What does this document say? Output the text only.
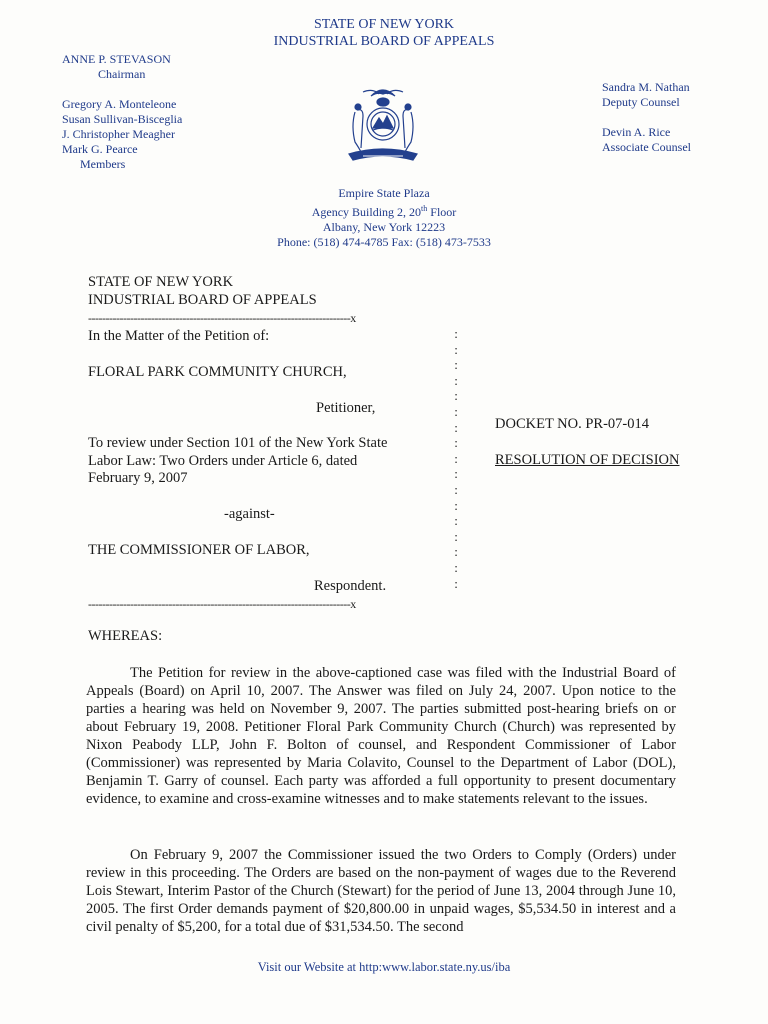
STATE OF NEW YORK
INDUSTRIAL BOARD OF APPEALS
ANNE P. STEVASON
Chairman
Gregory A. Monteleone
Susan Sullivan-Bisceglia
J. Christopher Meagher
Mark G. Pearce
Members
Sandra M. Nathan
Deputy Counsel
Devin A. Rice
Associate Counsel
Empire State Plaza
Agency Building 2, 20th Floor
Albany, New York 12223
Phone: (518) 474-4785 Fax: (518) 473-7533
STATE OF NEW YORK
INDUSTRIAL BOARD OF APPEALS
---------------------------------------------------------------------------x
In the Matter of the Petition of:
FLORAL PARK COMMUNITY CHURCH,
Petitioner,
To review under Section 101 of the New York State Labor Law: Two Orders under Article 6, dated February 9, 2007
-against-
THE COMMISSIONER OF LABOR,
Respondent.
:
:
:
:
:
:
:
:
:
:
:
:
:
:
:
:
:
---------------------------------------------------------------------------x
DOCKET NO. PR-07-014
RESOLUTION OF DECISION
WHEREAS:
The Petition for review in the above-captioned case was filed with the Industrial Board of Appeals (Board) on April 10, 2007. The Answer was filed on July 24, 2007. Upon notice to the parties a hearing was held on November 9, 2007. The parties submitted post-hearing briefs on or about February 19, 2008. Petitioner Floral Park Community Church (Church) was represented by Nixon Peabody LLP, John F. Bolton of counsel, and Respondent Commissioner of Labor (Commissioner) was represented by Maria Colavito, Counsel to the Department of Labor (DOL), Benjamin T. Garry of counsel. Each party was afforded a full opportunity to present documentary evidence, to examine and cross-examine witnesses and to make statements relevant to the issues.
On February 9, 2007 the Commissioner issued the two Orders to Comply (Orders) under review in this proceeding. The Orders are based on the non-payment of wages due to the Reverend Lois Stewart, Interim Pastor of the Church (Stewart) for the period of June 13, 2004 through June 10, 2005. The first Order demands payment of $20,800.00 in unpaid wages, $5,534.50 in interest and a civil penalty of $5,200, for a total due of $31,534.50. The second
Visit our Website at http:www.labor.state.ny.us/iba
